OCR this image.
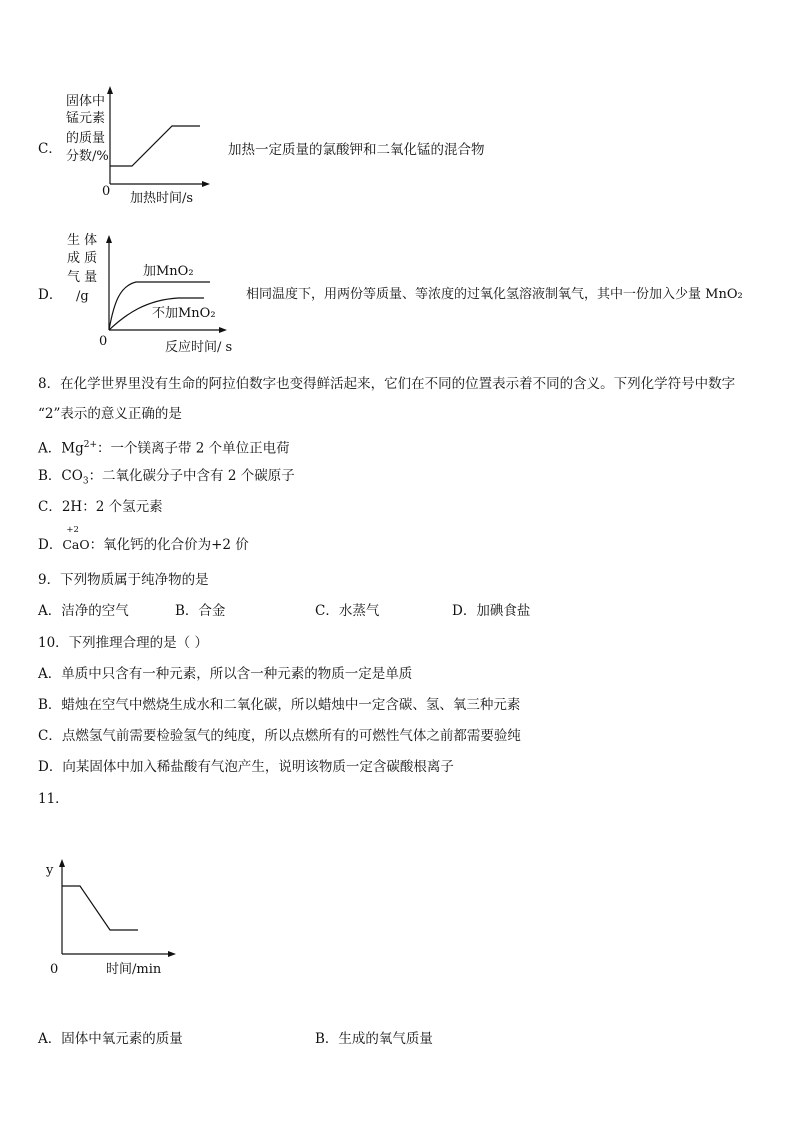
C．
固体中
锰元素
的质量
分数/%
0 加热时间/s
加热一定质量的氯酸钾和二氧化锰的混合物
D．
生 体
成 质
气 量
/g
0	反应时间/ s
加MnO₂
不加MnO₂
相同温度下，用两份等质量、等浓度的过氧化氢溶液制氧气，其中一份加入少量 MnO₂
8．在化学世界里没有生命的阿拉伯数字也变得鲜活起来，它们在不同的位置表示着不同的含义。下列化学符号中数字
“2”表示的意义正确的是
A．$Mg^{2+}$：一个镁离子带 2 个单位正电荷
B．$CO_3$：二氧化碳分子中含有 2 个碳原子
C．2H：2 个氢元素
D．
+2
CaO：氧化钙的化合价为+2 价
9．下列物质属于纯净物的是
A．洁净的空气	B．合金	C．水蒸气	D．加碘食盐
10．下列推理合理的是（ ）
A．单质中只含有一种元素，所以含一种元素的物质一定是单质
B．蜡烛在空气中燃烧生成水和二氧化碳，所以蜡烛中一定含碳、氢、氧三种元素
C．点燃氢气前需要检验氢气的纯度，所以点燃所有的可燃性气体之前都需要验纯
D．向某固体中加入稀盐酸有气泡产生，说明该物质一定含碳酸根离子
11．
y
0	时间/min
A．固体中氧元素的质量	B．生成的氧气质量
